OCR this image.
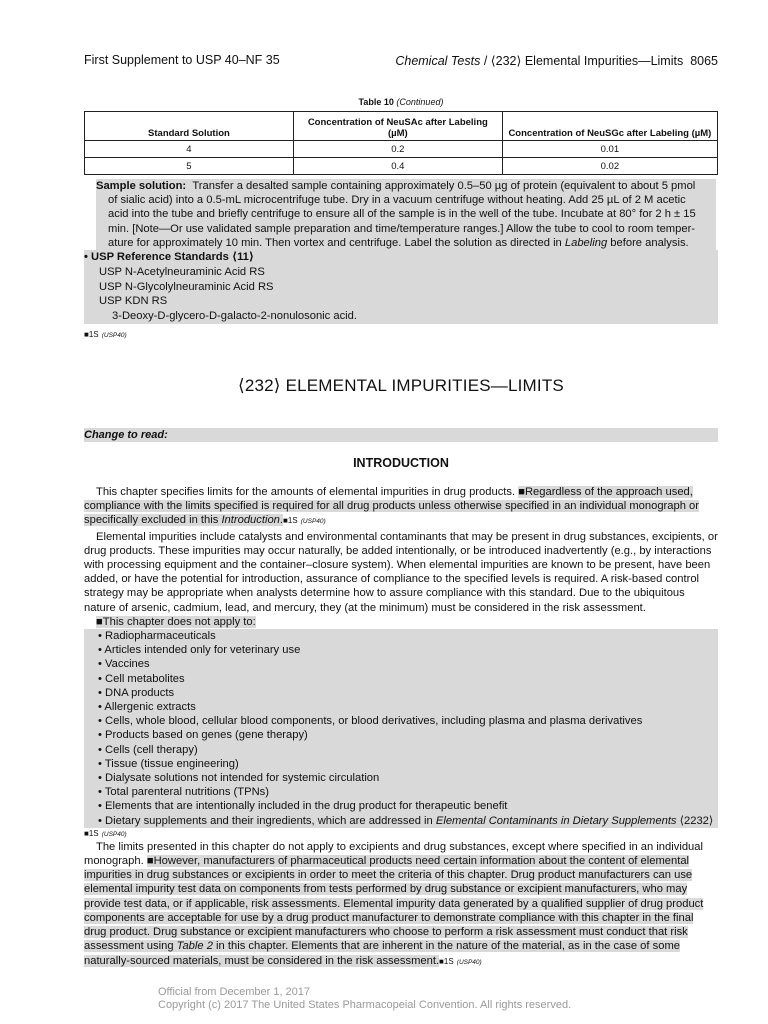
First Supplement to USP 40–NF 35	Chemical Tests / ⟨232⟩ Elemental Impurities—Limits 8065
Table 10 (Continued)
Standard Solution	Concentration of NeuSAc after Labeling (µM)	Concentration of NeuSGc after Labeling (µM)
4	0.2	0.01
5	0.4	0.02
Sample solution: Transfer a desalted sample containing approximately 0.5–50 µg of protein (equivalent to about 5 pmol
of sialic acid) into a 0.5-mL microcentrifuge tube. Dry in a vacuum centrifuge without heating. Add 25 µL of 2 M acetic
acid into the tube and briefly centrifuge to ensure all of the sample is in the well of the tube. Incubate at 80° for 2 h ± 15
min. [Note—Or use validated sample preparation and time/temperature ranges.] Allow the tube to cool to room temper-
ature for approximately 10 min. Then vortex and centrifuge. Label the solution as directed in Labeling before analysis.
• USP Reference Standards ⟨11⟩
USP N-Acetylneuraminic Acid RS
USP N-Glycolylneuraminic Acid RS
USP KDN RS
3-Deoxy-D-glycero-D-galacto-2-nonulosonic acid.
■1S (USP40)
⟨232⟩ ELEMENTAL IMPURITIES—LIMITS
Change to read:
INTRODUCTION

This chapter specifies limits for the amounts of elemental impurities in drug products. ■Regardless of the approach used, compliance with the limits specified is required for all drug products unless otherwise specified in an individual monograph or specifically excluded in this Introduction.■1S (USP40)

Elemental impurities include catalysts and environmental contaminants that may be present in drug substances, excipients, or drug products. These impurities may occur naturally, be added intentionally, or be introduced inadvertently (e.g., by interactions with processing equipment and the container–closure system). When elemental impurities are known to be present, have been added, or have the potential for introduction, assurance of compliance to the specified levels is required. A risk-based control strategy may be appropriate when analysts determine how to assure compliance with this standard. Due to the ubiquitous nature of arsenic, cadmium, lead, and mercury, they (at the minimum) must be considered in the risk assessment.

■This chapter does not apply to:

• Radiopharmaceuticals
• Articles intended only for veterinary use
• Vaccines
• Cell metabolites
• DNA products
• Allergenic extracts
• Cells, whole blood, cellular blood components, or blood derivatives, including plasma and plasma derivatives
• Products based on genes (gene therapy)
• Cells (cell therapy)
• Tissue (tissue engineering)
• Dialysate solutions not intended for systemic circulation
• Total parenteral nutritions (TPNs)
• Elements that are intentionally included in the drug product for therapeutic benefit
• Dietary supplements and their ingredients, which are addressed in Elemental Contaminants in Dietary Supplements ⟨2232⟩
■1S (USP40)

The limits presented in this chapter do not apply to excipients and drug substances, except where specified in an individual monograph. ■However, manufacturers of pharmaceutical products need certain information about the content of elemental impurities in drug substances or excipients in order to meet the criteria of this chapter. Drug product manufacturers can use elemental impurity test data on components from tests performed by drug substance or excipient manufacturers, who may provide test data, or if applicable, risk assessments. Elemental impurity data generated by a qualified supplier of drug product components are acceptable for use by a drug product manufacturer to demonstrate compliance with this chapter in the final drug product. Drug substance or excipient manufacturers who choose to perform a risk assessment must conduct that risk assessment using Table 2 in this chapter. Elements that are inherent in the nature of the material, as in the case of some naturally-sourced materials, must be considered in the risk assessment.■1S (USP40)

Official from December 1, 2017
Copyright (c) 2017 The United States Pharmacopeial Convention. All rights reserved.
